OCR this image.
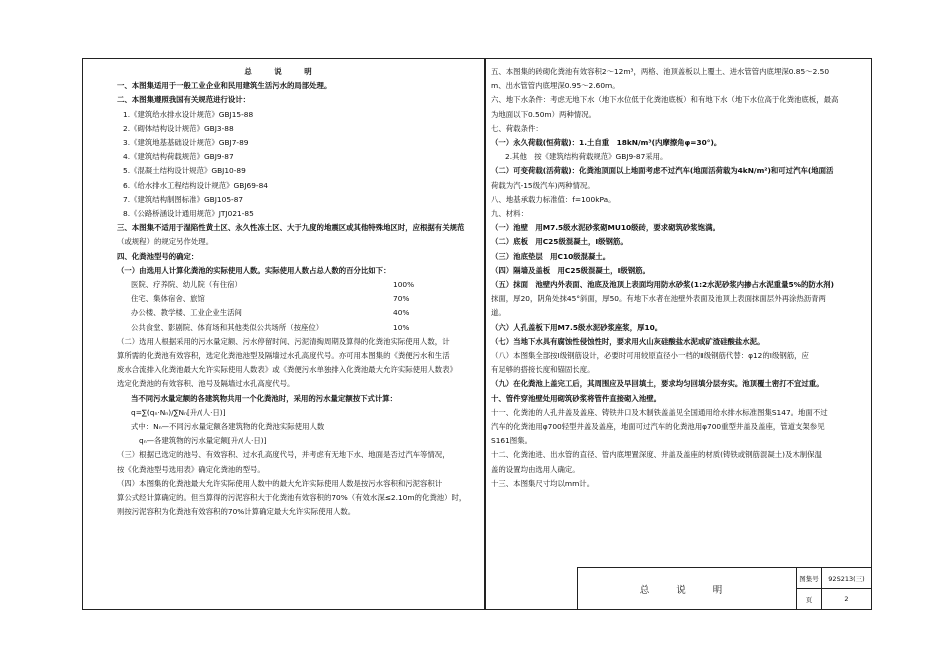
总 说 明
一、本图集适用于一般工业企业和民用建筑生活污水的局部处理。
二、本图集遵照我国有关规范进行设计：
1.《建筑给水排水设计规范》GBJ15-88
2.《砌体结构设计规范》GBJ3-88
3.《建筑地基基础设计规范》GBJ7-89
4.《建筑结构荷载规范》GBJ9-87
5.《混凝土结构设计规范》GBJ10-89
6.《给水排水工程结构设计规范》GBJ69-84
7.《建筑结构制图标准》GBJ105-87
8.《公路桥涵设计通用规范》JTJ021-85
三、本图集不适用于湿陷性黄土区、永久性冻土区、大于九度的地震区或其他特殊地区时，应根据有关规范
（或规程）的规定另作处理。
四、化粪池型号的确定：
（一）由选用人计算化粪池的实际使用人数。实际使用人数占总人数的百分比如下：
医院、疗养院、幼儿院（有住宿）	100%
住宅、集体宿舍、旅馆	70%
办公楼、教学楼、工业企业生活间	40%
公共食堂、影剧院、体育场和其他类似公共场所（按座位）	10%
（二）选用人根据采用的污水量定额、污水停留时间、污泥清掏周期及算得的化粪池实际使用人数，计
算所需的化粪池有效容积，选定化粪池池型及隔墙过水孔高度代号。亦可用本图集的《粪便污水和生活
废水合流排入化粪池最大允许实际使用人数表》或《粪便污水单独排入化粪池最大允许实际使用人数表》
选定化粪池的有效容积、池号及隔墙过水孔高度代号。
当不同污水量定额的各建筑物共用一个化粪池时，采用的污水量定额按下式计算：
q=∑(qₙ·Nₙ)/∑Nₙ[升/(人·日)]
式中：Nₙ—不同污水量定额各建筑物的化粪池实际使用人数
qₙ—各建筑物的污水量定额[升/(人·日)]
（三）根据已选定的池号、有效容积、过水孔高度代号，并考虑有无地下水、地面是否过汽车等情况，
按《化粪池型号选用表》确定化粪池的型号。
（四）本图集的化粪池最大允许实际使用人数中的最大允许实际使用人数是按污水容积和污泥容积计
算公式经计算确定的。但当算得的污泥容积大于化粪池有效容积的70%（有效水深≤2.10m的化粪池）时，
则按污泥容积为化粪池有效容积的70%计算确定最大允许实际使用人数。
五、本图集的砖砌化粪池有效容积2～12m³，两格、池顶盖板以上覆土、进水管管内底埋深0.85～2.50
m、出水管管内底埋深0.95～2.60m。
六、地下水条件：考虑无地下水（地下水位低于化粪池底板）和有地下水（地下水位高于化粪池底板，最高
为地面以下0.50m）两种情况。
七、荷载条件：
（一）永久荷载(恒荷载)：1.土自重　18kN/m³(内摩擦角φ=30°)。
2.其他　按《建筑结构荷载规范》GBJ9-87采用。
（二）可变荷载(活荷载)：化粪池顶面以上地面考虑不过汽车(地面活荷载为4kN/m²)和可过汽车(地面活
荷载为汽-15级汽车)两种情况。
八、地基承载力标准值：f=100kPa。
九、材料：
（一）池壁　用M7.5级水泥砂浆砌MU10级砖，要求砌筑砂浆饱满。
（二）底板　用C25级混凝土，Ⅰ级钢筋。
（三）池底垫层　用C10级混凝土。
（四）隔墙及盖板　用C25级混凝土，Ⅰ级钢筋。
（五）抹面　池壁内外表面、池底及池顶上表面均用防水砂浆(1:2水泥砂浆内掺占水泥重量5%的防水剂)
抹面，厚20，阴角处抹45°斜面，厚50。有地下水者在池壁外表面及池顶上表面抹面层外再涂热沥青两
道。
（六）人孔盖板下用M7.5级水泥砂浆座浆，厚10。
（七）当地下水具有腐蚀性侵蚀性时，要求用火山灰硅酸盐水泥或矿渣硅酸盐水泥。
（八）本图集全部按Ⅰ级钢筋设计，必要时可用较原直径小一档的Ⅱ级钢筋代替：φ12的Ⅰ级钢筋，应
有足够的搭接长度和锚固长度。
（九）在化粪池上盖完工后，其周围应及早回填土，要求均匀回填分层夯实。池顶覆土密打不宜过重。
十、管件穿池壁处用砌筑砂浆将管件直接砌入池壁。
十一、化粪池的人孔井盖及盖座、铸铁井口及木制铁盖盖见全国通用给水排水标准图集S147。地面不过
汽车的化粪池用φ700轻型井盖及盖座，地面可过汽车的化粪池用φ700重型井盖及盖座，管道支架参见
S161图集。
十二、化粪池进、出水管的直径、管内底埋置深度、井盖及盖座的材质(铸铁或钢筋混凝土)及木制保温
盖的设置均由选用人确定。
十三、本图集尺寸均以mm计。
总 说 明
图集号	92S213(三)
页	2
